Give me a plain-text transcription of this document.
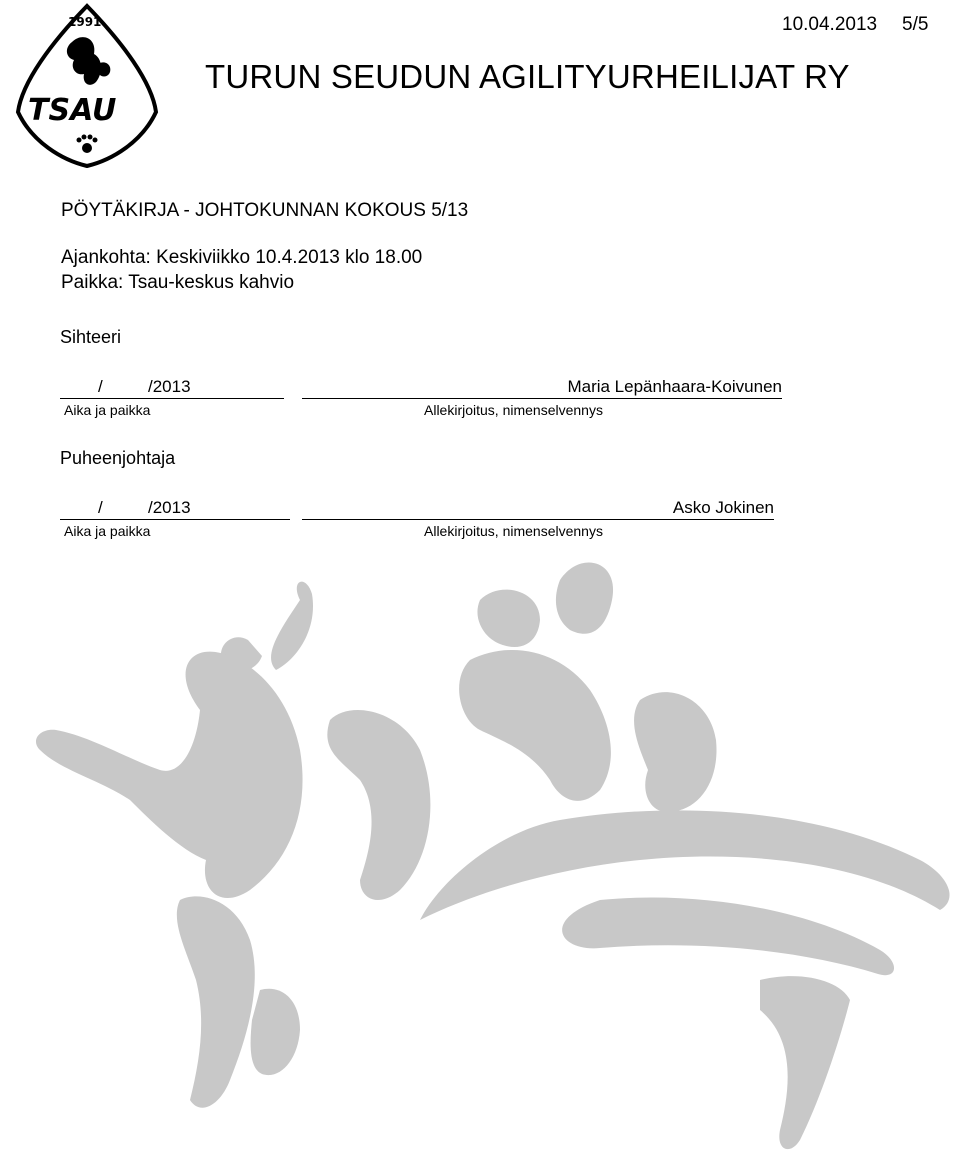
1991
TSAU
10.04.2013 5/5
TURUN SEUDUN AGILITYURHEILIJAT RY
PÖYTÄKIRJA - JOHTOKUNNAN KOKOUS 5/13
Ajankohta: Keskiviikko 10.4.2013 klo 18.00
Paikka: Tsau-keskus kahvio
Sihteeri
/	/2013	Maria Lepänhaara-Koivunen
Aika ja paikka	Allekirjoitus, nimenselvennys
Puheenjohtaja
/	/2013	Asko Jokinen
Aika ja paikka	Allekirjoitus, nimenselvennys
